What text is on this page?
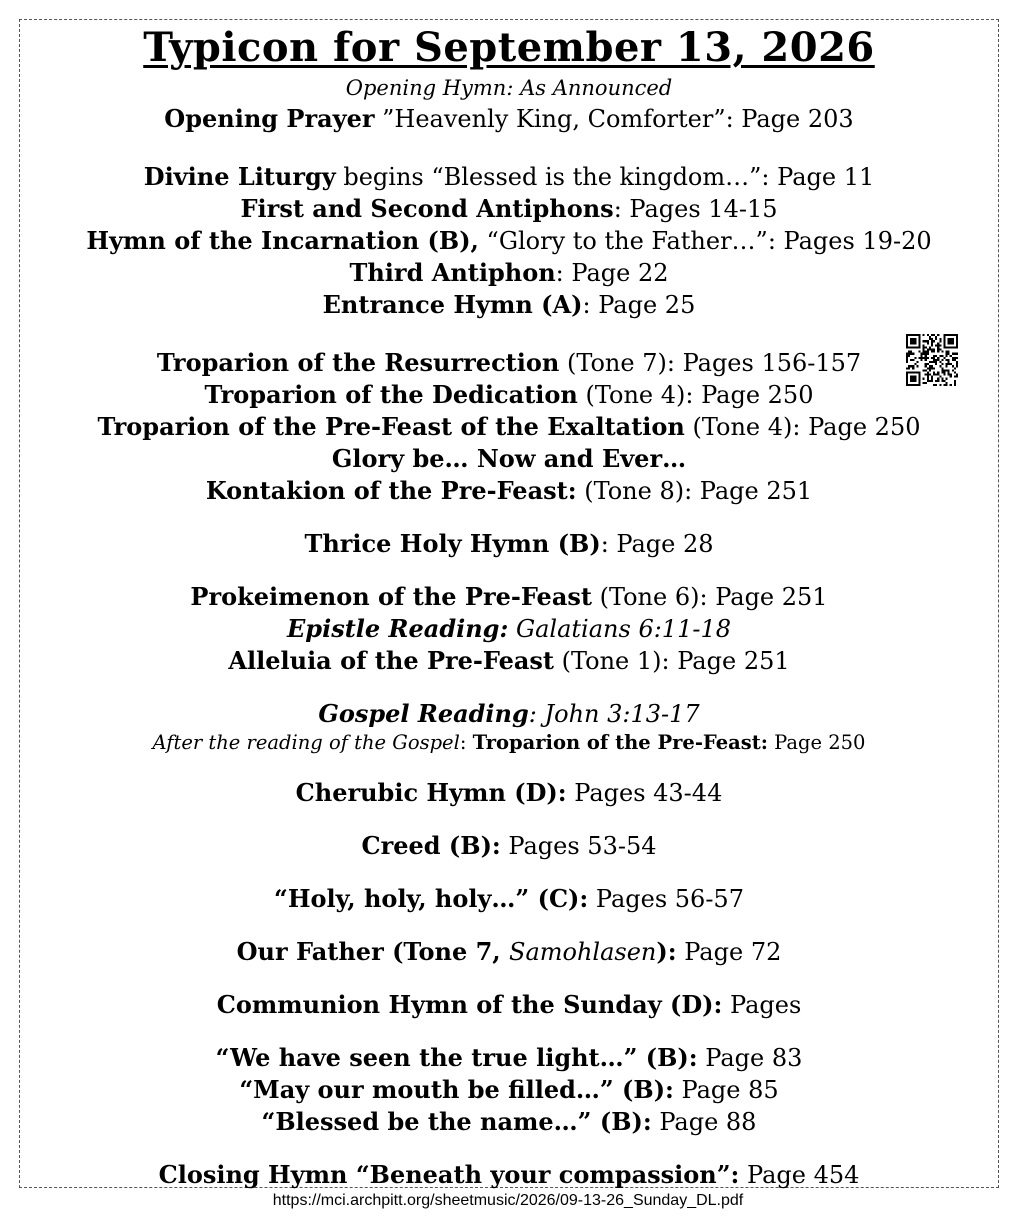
Typicon for September 13, 2026
Opening Hymn: As Announced
Opening Prayer ”Heavenly King, Comforter”: Page 203
Divine Liturgy begins “Blessed is the kingdom…”: Page 11
First and Second Antiphons: Pages 14-15
Hymn of the Incarnation (B), “Glory to the Father…”: Pages 19-20
Third Antiphon: Page 22
Entrance Hymn (A): Page 25
Troparion of the Resurrection (Tone 7): Pages 156-157
Troparion of the Dedication (Tone 4): Page 250
Troparion of the Pre-Feast of the Exaltation (Tone 4): Page 250
Glory be… Now and Ever…
Kontakion of the Pre-Feast: (Tone 8): Page 251
Thrice Holy Hymn (B): Page 28
Prokeimenon of the Pre-Feast (Tone 6): Page 251
Epistle Reading: Galatians 6:11-18
Alleluia of the Pre-Feast (Tone 1): Page 251
Gospel Reading: John 3:13-17
After the reading of the Gospel: Troparion of the Pre-Feast: Page 250
Cherubic Hymn (D): Pages 43-44
Creed (B): Pages 53-54
“Holy, holy, holy…” (C): Pages 56-57
Our Father (Tone 7, Samohlasen): Page 72
Communion Hymn of the Sunday (D): Pages
“We have seen the true light…” (B): Page 83
“May our mouth be filled…” (B): Page 85
“Blessed be the name…” (B): Page 88
Closing Hymn “Beneath your compassion”: Page 454
https://mci.archpitt.org/sheetmusic/2026/09-13-26_Sunday_DL.pdf
